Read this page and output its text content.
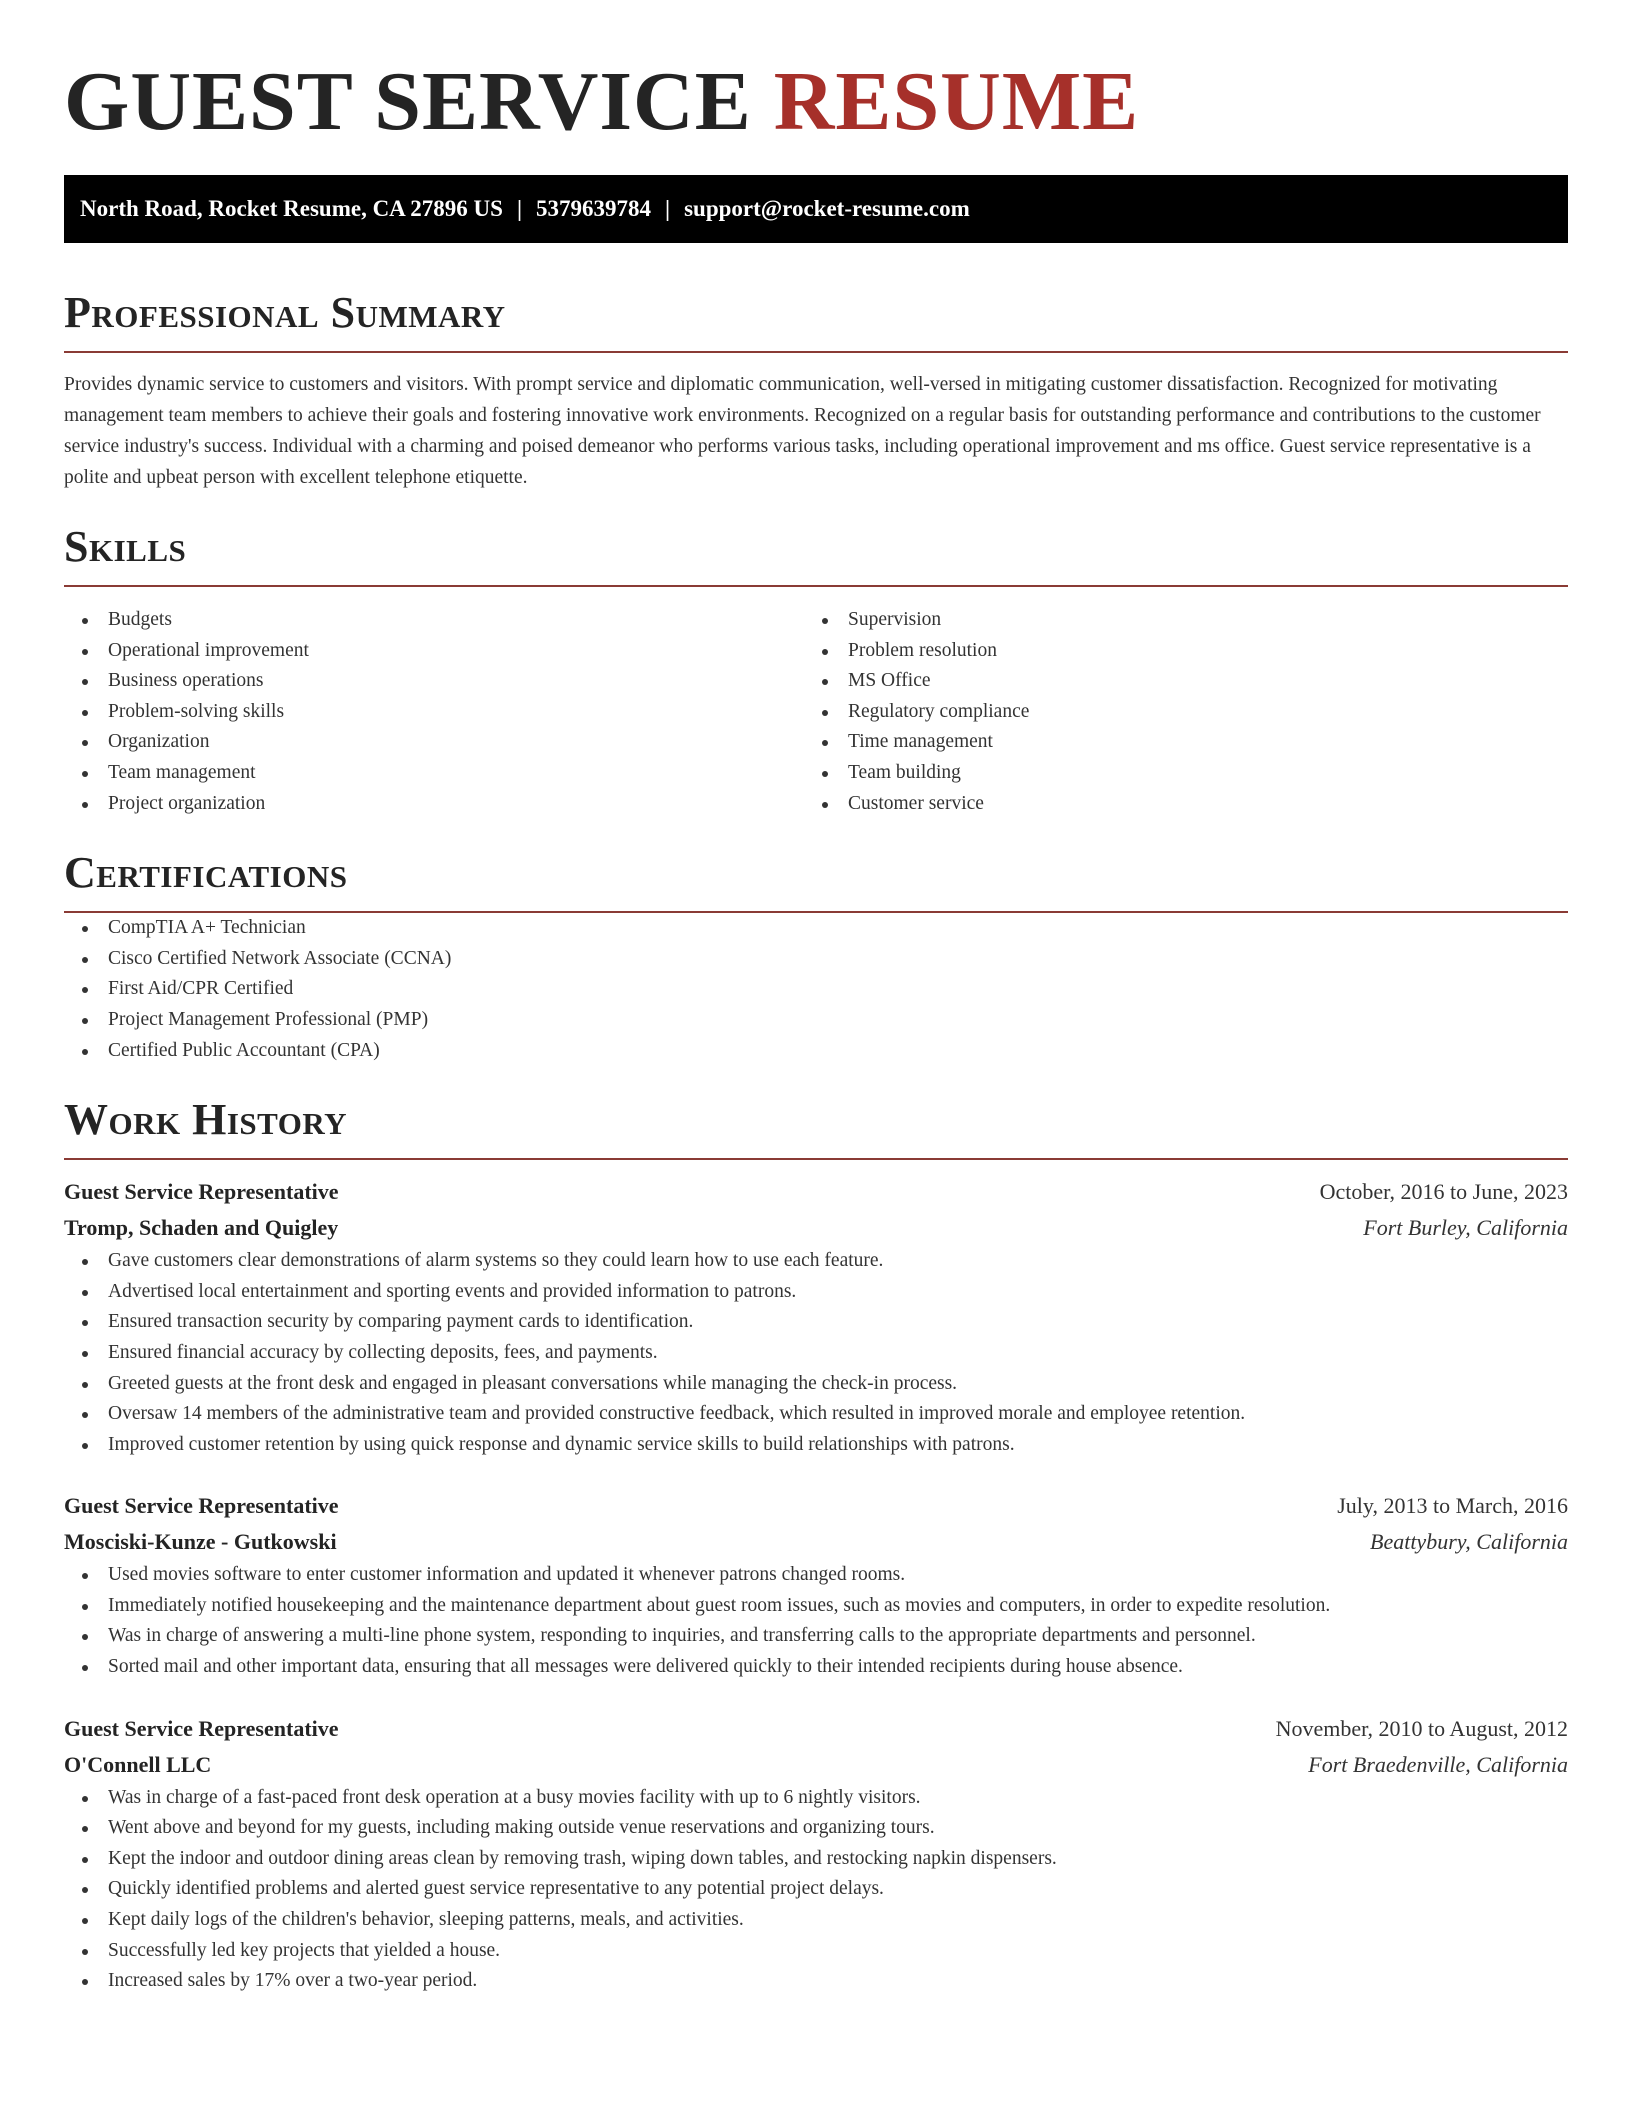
GUEST SERVICE RESUME
North Road, Rocket Resume, CA 27896 US | 5379639784 | support@rocket-resume.com
Professional Summary

Provides dynamic service to customers and visitors. With prompt service and diplomatic communication, well-versed in mitigating customer dissatisfaction. Recognized for motivating management team members to achieve their goals and fostering innovative work environments. Recognized on a regular basis for outstanding performance and contributions to the customer service industry's success. Individual with a charming and poised demeanor who performs various tasks, including operational improvement and ms office. Guest service representative is a polite and upbeat person with excellent telephone etiquette.

Skills
Budgets
Operational improvement
Business operations
Problem-solving skills
Organization
Team management
Project organization
Supervision
Problem resolution
MS Office
Regulatory compliance
Time management
Team building
Customer service
Certifications
CompTIA A+ Technician
Cisco Certified Network Associate (CCNA)
First Aid/CPR Certified
Project Management Professional (PMP)
Certified Public Accountant (CPA)
Work History
Guest Service Representative	October, 2016 to June, 2023
Tromp, Schaden and Quigley	Fort Burley, California
Gave customers clear demonstrations of alarm systems so they could learn how to use each feature.
Advertised local entertainment and sporting events and provided information to patrons.
Ensured transaction security by comparing payment cards to identification.
Ensured financial accuracy by collecting deposits, fees, and payments.
Greeted guests at the front desk and engaged in pleasant conversations while managing the check-in process.
Oversaw 14 members of the administrative team and provided constructive feedback, which resulted in improved morale and employee retention.
Improved customer retention by using quick response and dynamic service skills to build relationships with patrons.
Guest Service Representative	July, 2013 to March, 2016
Mosciski-Kunze - Gutkowski	Beattybury, California
Used movies software to enter customer information and updated it whenever patrons changed rooms.
Immediately notified housekeeping and the maintenance department about guest room issues, such as movies and computers, in order to expedite resolution.
Was in charge of answering a multi-line phone system, responding to inquiries, and transferring calls to the appropriate departments and personnel.
Sorted mail and other important data, ensuring that all messages were delivered quickly to their intended recipients during house absence.
Guest Service Representative	November, 2010 to August, 2012
O'Connell LLC	Fort Braedenville, California
Was in charge of a fast-paced front desk operation at a busy movies facility with up to 6 nightly visitors.
Went above and beyond for my guests, including making outside venue reservations and organizing tours.
Kept the indoor and outdoor dining areas clean by removing trash, wiping down tables, and restocking napkin dispensers.
Quickly identified problems and alerted guest service representative to any potential project delays.
Kept daily logs of the children's behavior, sleeping patterns, meals, and activities.
Successfully led key projects that yielded a house.
Increased sales by 17% over a two-year period.
